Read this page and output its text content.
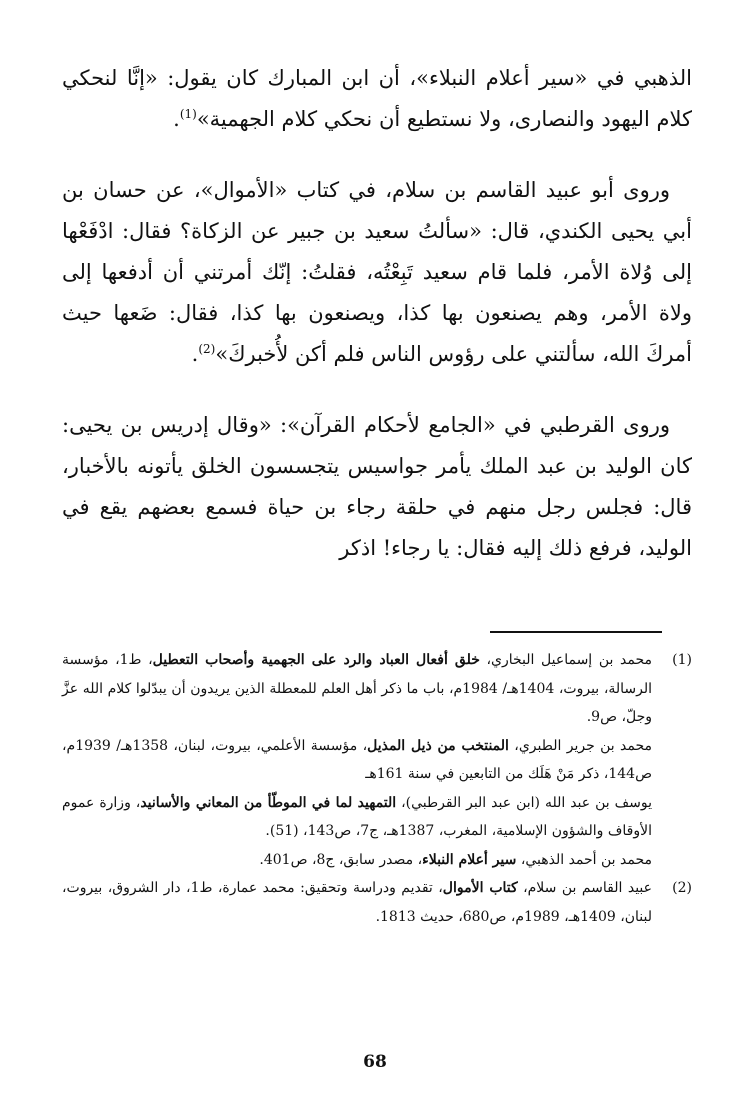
الذهبي في «سير أعلام النبلاء»، أن ابن المبارك كان يقول: «إنَّا لنحكي كلام اليهود والنصارى، ولا نستطيع أن نحكي كلام الجهمية»$^{(1)}$.

وروى أبو عبيد القاسم بن سلام، في كتاب «الأموال»، عن حسان بن أبي يحيى الكندي، قال: «سألتُ سعيد بن جبير عن الزكاة؟ فقال: ادْفَعْها إلى وُلاة الأمر، فلما قام سعيد تَبِعْتُه، فقلتُ: إنّك أمرتني أن أدفعها إلى ولاة الأمر، وهم يصنعون بها كذا، ويصنعون بها كذا، فقال: ضَعها حيث أمركَ الله، سألتني على رؤوس الناس فلم أكن لأُخبركَ»$^{(2)}$.

وروى القرطبي في «الجامع لأحكام القرآن»: «وقال إدريس بن يحيى: كان الوليد بن عبد الملك يأمر جواسيس يتجسسون الخلق يأتونه بالأخبار، قال: فجلس رجل منهم في حلقة رجاء بن حياة فسمع بعضهم يقع في الوليد، فرفع ذلك إليه فقال: يا رجاء! اذكر

(1)

محمد بن إسماعيل البخاري، خلق أفعال العباد والرد على الجهمية وأصحاب التعطيل، ط1، مؤسسة الرسالة، بيروت، 1404هـ/ 1984م، باب ما ذكر أهل العلم للمعطلة الذين يريدون أن يبدّلوا كلام الله عزَّ وجلّ، ص9.

محمد بن جرير الطبري، المنتخب من ذيل المذيل، مؤسسة الأعلمي، بيروت، لبنان، 1358هـ/ 1939م، ص144، ذكر مَنْ هَلَك من التابعين في سنة 161هـ

يوسف بن عبد الله (ابن عبد البر القرطبي)، التمهيد لما في الموطّأ من المعاني والأسانيد، وزارة عموم الأوقاف والشؤون الإسلامية، المغرب، 1387هـ، ج7، ص143، (51).

محمد بن أحمد الذهبي، سير أعلام النبلاء، مصدر سابق، ج8، ص401.

(2)

عبيد القاسم بن سلام، كتاب الأموال، تقديم ودراسة وتحقيق: محمد عمارة، ط1، دار الشروق، بيروت، لبنان، 1409هـ، 1989م، ص680، حديث 1813.

68
